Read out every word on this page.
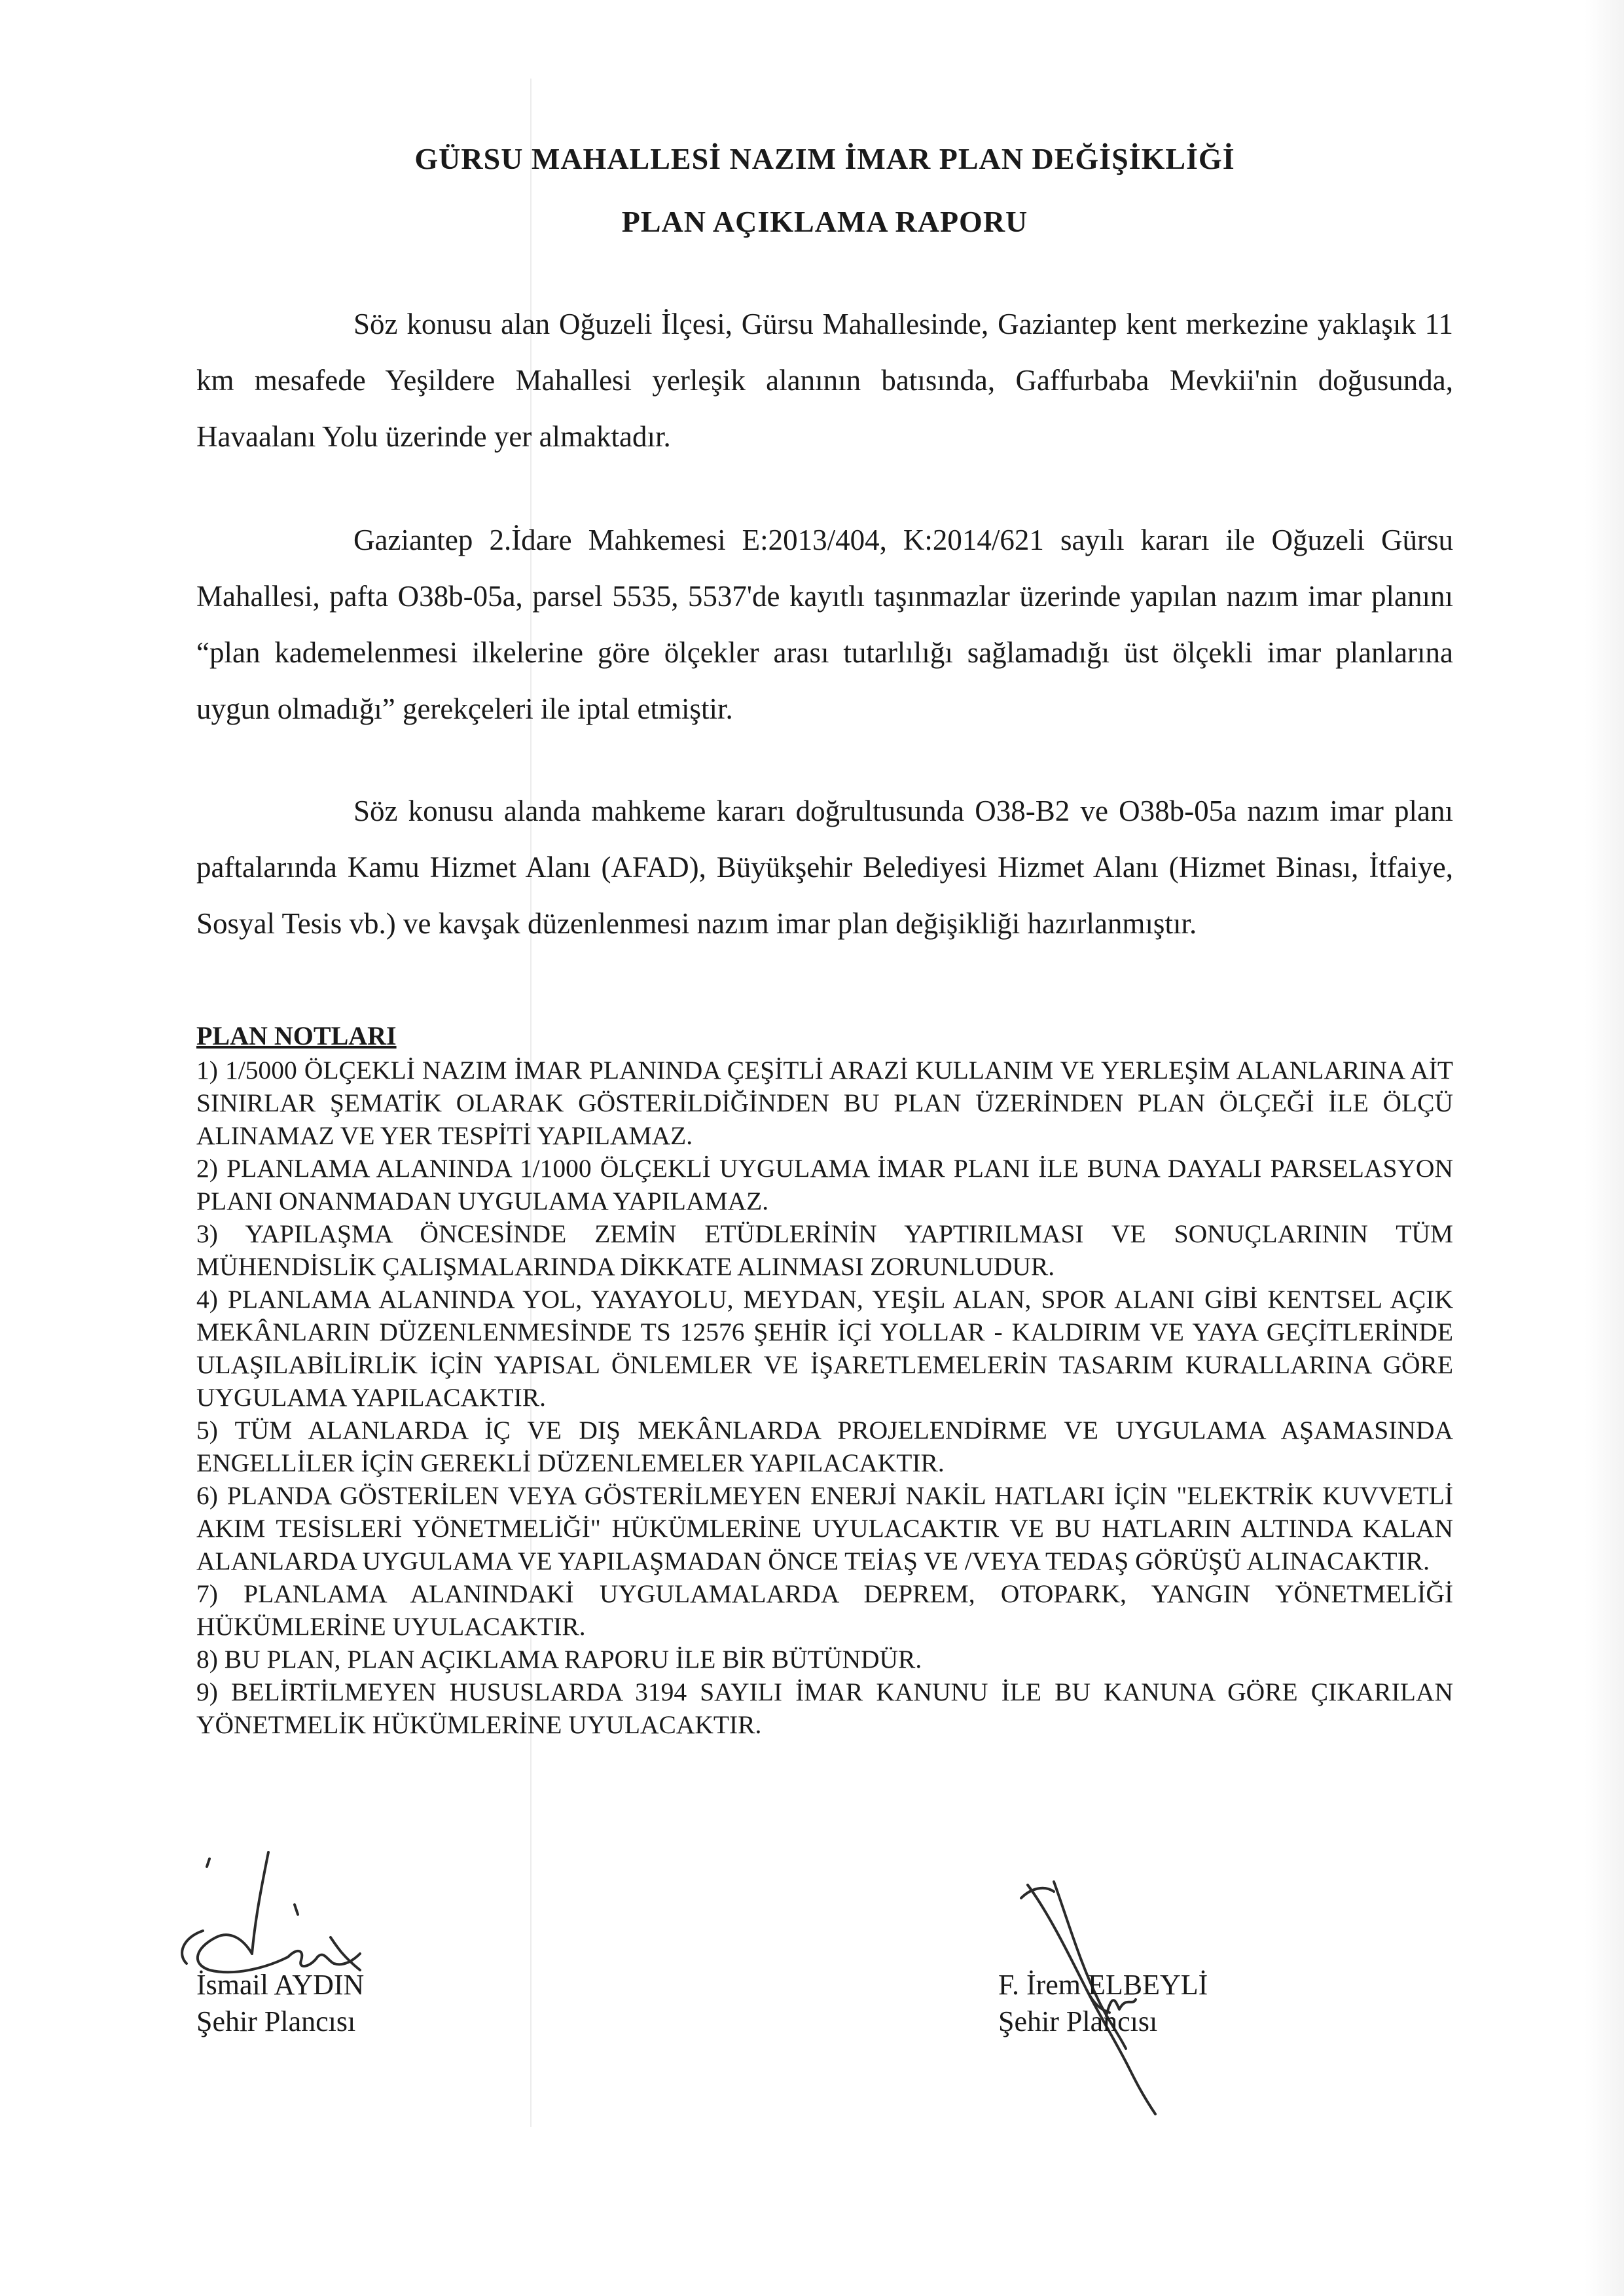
GÜRSU MAHALLESİ NAZIM İMAR PLAN DEĞİŞİKLİĞİ
PLAN AÇIKLAMA RAPORU

Söz konusu alan Oğuzeli İlçesi, Gürsu Mahallesinde, Gaziantep kent merkezine yaklaşık 11 km mesafede Yeşildere Mahallesi yerleşik alanının batısında, Gaffurbaba Mevkii'nin doğusunda, Havaalanı Yolu üzerinde yer almaktadır.

Gaziantep 2.İdare Mahkemesi E:2013/404, K:2014/621 sayılı kararı ile Oğuzeli Gürsu Mahallesi, pafta O38b-05a, parsel 5535, 5537'de kayıtlı taşınmazlar üzerinde yapılan nazım imar planını “plan kademelenmesi ilkelerine göre ölçekler arası tutarlılığı sağlamadığı üst ölçekli imar planlarına uygun olmadığı” gerekçeleri ile iptal etmiştir.

Söz konusu alanda mahkeme kararı doğrultusunda O38-B2 ve O38b-05a nazım imar planı paftalarında Kamu Hizmet Alanı (AFAD), Büyükşehir Belediyesi Hizmet Alanı (Hizmet Binası, İtfaiye, Sosyal Tesis vb.) ve kavşak düzenlenmesi nazım imar plan değişikliği hazırlanmıştır.

PLAN NOTLARI
1) 1/5000 ÖLÇEKLİ NAZIM İMAR PLANINDA ÇEŞİTLİ ARAZİ KULLANIM VE YERLEŞİM ALANLARINA AİT SINIRLAR ŞEMATİK OLARAK GÖSTERİLDİĞİNDEN BU PLAN ÜZERİNDEN PLAN ÖLÇEĞİ İLE ÖLÇÜ ALINAMAZ VE YER TESPİTİ YAPILAMAZ.
2) PLANLAMA ALANINDA 1/1000 ÖLÇEKLİ UYGULAMA İMAR PLANI İLE BUNA DAYALI PARSELASYON PLANI ONANMADAN UYGULAMA YAPILAMAZ.
3) YAPILAŞMA ÖNCESİNDE ZEMİN ETÜDLERİNİN YAPTIRILMASI VE SONUÇLARININ TÜM MÜHENDİSLİK ÇALIŞMALARINDA DİKKATE ALINMASI ZORUNLUDUR.
4) PLANLAMA ALANINDA YOL, YAYAYOLU, MEYDAN, YEŞİL ALAN, SPOR ALANI GİBİ KENTSEL AÇIK MEKÂNLARIN DÜZENLENMESİNDE TS 12576 ŞEHİR İÇİ YOLLAR - KALDIRIM VE YAYA GEÇİTLERİNDE ULAŞILABİLİRLİK İÇİN YAPISAL ÖNLEMLER VE İŞARETLEMELERİN TASARIM KURALLARINA GÖRE UYGULAMA YAPILACAKTIR.
5) TÜM ALANLARDA İÇ VE DIŞ MEKÂNLARDA PROJELENDİRME VE UYGULAMA AŞAMASINDA ENGELLİLER İÇİN GEREKLİ DÜZENLEMELER YAPILACAKTIR.
6) PLANDA GÖSTERİLEN VEYA GÖSTERİLMEYEN ENERJİ NAKİL HATLARI İÇİN "ELEKTRİK KUVVETLİ AKIM TESİSLERİ YÖNETMELİĞİ" HÜKÜMLERİNE UYULACAKTIR VE BU HATLARIN ALTINDA KALAN ALANLARDA UYGULAMA VE YAPILAŞMADAN ÖNCE TEİAŞ VE /VEYA TEDAŞ GÖRÜŞÜ ALINACAKTIR.
7) PLANLAMA ALANINDAKİ UYGULAMALARDA DEPREM, OTOPARK, YANGIN YÖNETMELİĞİ HÜKÜMLERİNE UYULACAKTIR.
8) BU PLAN, PLAN AÇIKLAMA RAPORU İLE BİR BÜTÜNDÜR.
9) BELİRTİLMEYEN HUSUSLARDA 3194 SAYILI İMAR KANUNU İLE BU KANUNA GÖRE ÇIKARILAN YÖNETMELİK HÜKÜMLERİNE UYULACAKTIR.
İsmail AYDIN
Şehir Plancısı
F. İrem ELBEYLİ
Şehir Plancısı
